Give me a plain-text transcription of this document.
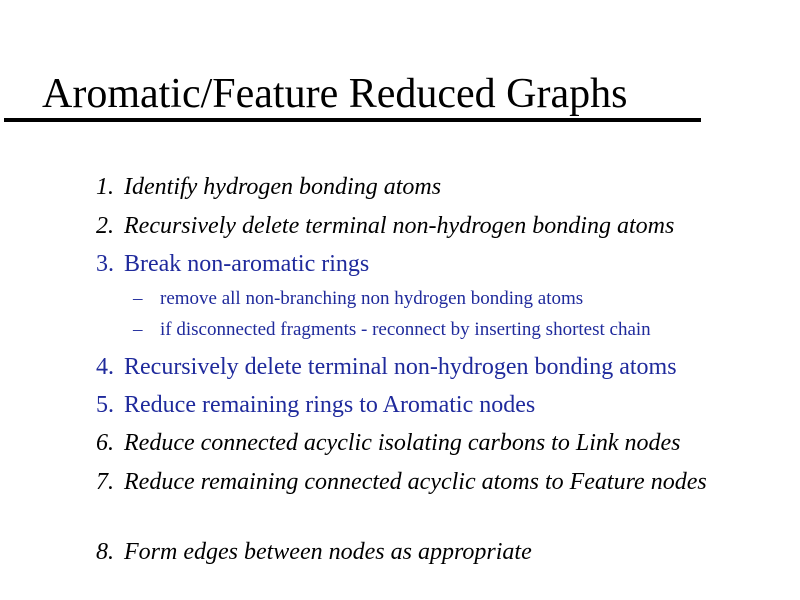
Aromatic/Feature Reduced Graphs
1. Identify hydrogen bonding atoms
2. Recursively delete terminal non-hydrogen bonding atoms
3. Break non-aromatic rings
– remove all non-branching non hydrogen bonding atoms
– if disconnected fragments - reconnect by inserting shortest chain
4. Recursively delete terminal non-hydrogen bonding atoms
5. Reduce remaining rings to Aromatic nodes
6. Reduce connected acyclic isolating carbons to Link nodes
7. Reduce remaining connected acyclic atoms to Feature nodes
8. Form edges between nodes as appropriate
